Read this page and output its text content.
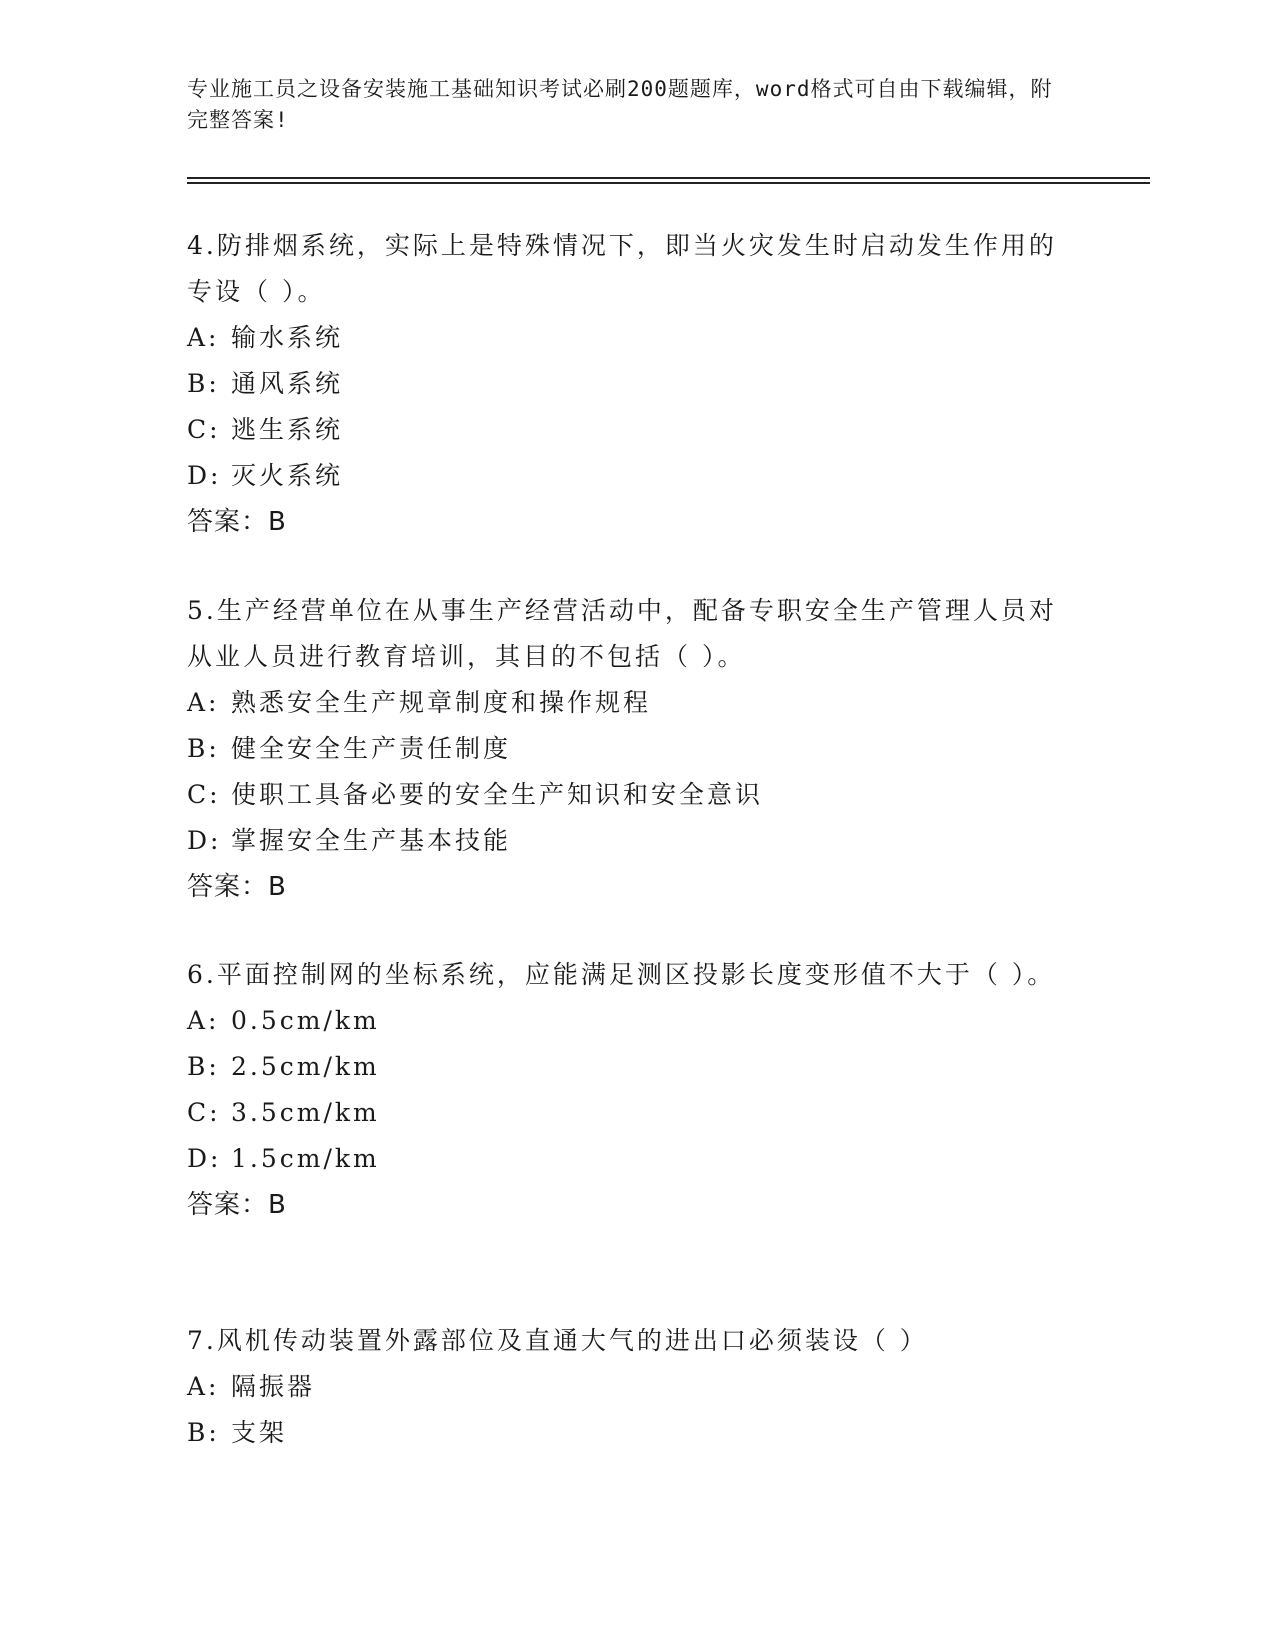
专业施工员之设备安装施工基础知识考试必刷200题题库，word格式可自由下载编辑，附完整答案!

4.防排烟系统，实际上是特殊情况下，即当火灾发生时启动发生作用的专设（ ）。

A: 输水系统
B: 通风系统
C: 逃生系统
D: 灭火系统
答案：B

5.生产经营单位在从事生产经营活动中，配备专职安全生产管理人员对从业人员进行教育培训，其目的不包括（ ）。

A: 熟悉安全生产规章制度和操作规程
B: 健全安全生产责任制度
C: 使职工具备必要的安全生产知识和安全意识
D: 掌握安全生产基本技能
答案：B

6.平面控制网的坐标系统，应能满足测区投影长度变形值不大于（ ）。

A: 0.5cm/km
B: 2.5cm/km
C: 3.5cm/km
D: 1.5cm/km
答案：B

7.风机传动装置外露部位及直通大气的进出口必须装设（ ）

A: 隔振器
B: 支架
